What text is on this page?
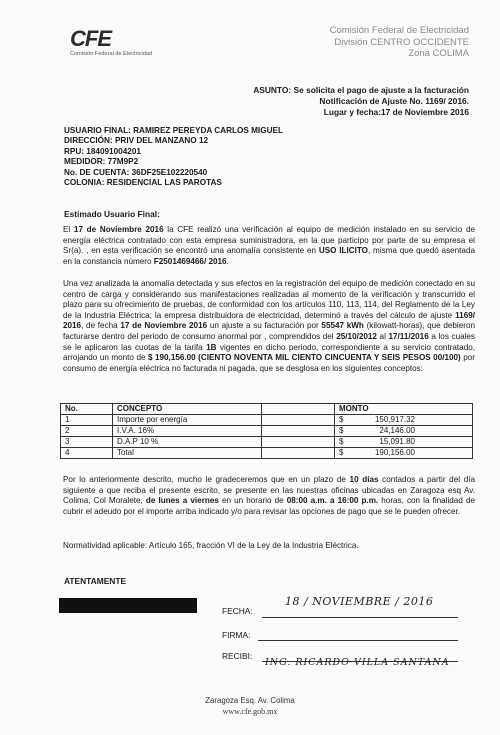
CFE
Comisión Federal de Electricidad
Comisión Federal de Electricidad
División CENTRO OCCIDENTE
Zona COLIMA
ASUNTO: Se solicita el pago de ajuste a la facturación
Notificación de Ajuste No. 1169/ 2016.
Lugar y fecha:17 de Noviembre 2016
USUARIO FINAL: RAMIREZ PEREYDA CARLOS MIGUEL
DIRECCIÓN: PRIV DEL MANZANO 12
RPU: 184091004201
MEDIDOR: 77M9P2
No. DE CUENTA: 36DF25E102220540
COLONIA: RESIDENCIAL LAS PAROTAS
Estimado Usuario Final:
El 17 de Noviembre 2016 la CFE realizó una verificación al equipo de medición instalado en su servicio de energía eléctrica contratado con esta empresa suministradora, en la que participo por parte de su empresa el Sr(a). , en esta verificación se encontró una anomalía consistente en USO ILICITO, misma que quedó asentada en la constancia número F2501469466/ 2016.
Una vez analizada la anomalía detectada y sus efectos en la registración del equipo de medición conectado en su centro de carga y considerando sus manifestaciones realizadas al momento de la verificación y transcurrido el plazo para su ofrecimiento de pruebas, de conformidad con los artículos 110, 113, 114, del Reglamento de la Ley de la Industria Eléctrica; la empresa distribuidora de electricidad, determinó a través del cálculo de ajuste 1169/ 2016, de fecha 17 de Noviembre 2016 un ajuste a su facturación por 55547 kWh (kilowatt-horas), que debieron facturarse dentro del periodo de consumo anormal por , comprendidos del 25/10/2012 al 17/11/2016 a los cuales se le aplicaron las cuotas de la tarifa 1B vigentes en dicho periodo, correspondiente a su servicio contratado, arrojando un monto de $ 190,156.00 (CIENTO NOVENTA MIL CIENTO CINCUENTA Y SEIS PESOS 00/100) por consumo de energía eléctrica no facturada ni pagada, que se desglosa en los siguientes conceptos:
No.	CONCEPTO		MONTO
1	Importe por energía		$ 150,917.32
2	I.V.A. 16%		$ 24,146.00
3	D.A.P 10 %		$ 15,091.80
4	Total		$ 190,156.00
Por lo anteriormente descrito, mucho le gradeceremos que en un plazo de 10 días contados a partir del día siguiente a que reciba el presente escrito, se presente en las nuestras oficinas ubicadas en Zaragoza esq Av. Colima, Col Moralete, de lunes a viernes en un horario de 08:00 a.m. a 16:00 p.m. horas, con la finalidad de cubrir el adeudo por el importe arriba indicado y/o para revisar las opciones de pago que se le pueden ofrecer.
Normatividad aplicable: Artículo 165, fracción VI de la Ley de la Industria Eléctrica.
ATENTAMENTE
FECHA:
18 / NOVIEMBRE / 2016
FIRMA:
RECIBI:
ING. RICARDO VILLA SANTANA
Zaragoza Esq. Av. Colima
www.cfe.gob.mx
